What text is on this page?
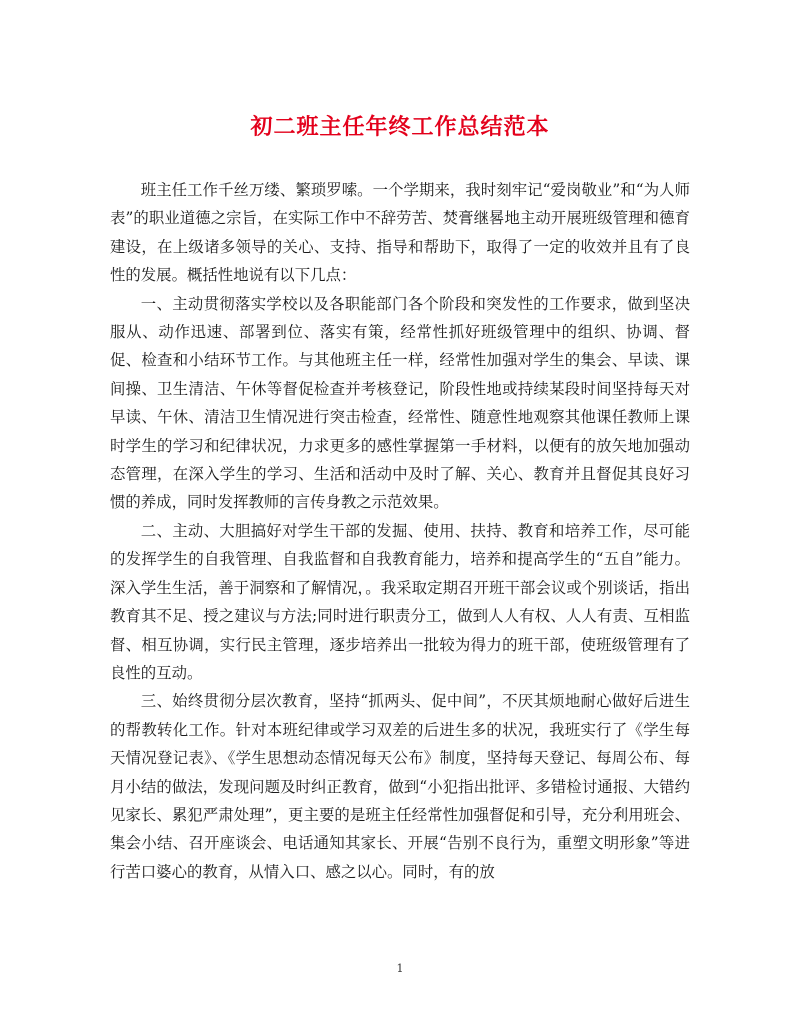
初二班主任年终工作总结范本

班主任工作千丝万缕、繁琐罗嗦。一个学期来，我时刻牢记“爱岗敬业”和“为人师表”的职业道德之宗旨，在实际工作中不辞劳苦、焚膏继晷地主动开展班级管理和德育建设，在上级诸多领导的关心、支持、指导和帮助下，取得了一定的收效并且有了良性的发展。概括性地说有以下几点：

一、主动贯彻落实学校以及各职能部门各个阶段和突发性的工作要求，做到坚决服从、动作迅速、部署到位、落实有策，经常性抓好班级管理中的组织、协调、督促、检查和小结环节工作。与其他班主任一样，经常性加强对学生的集会、早读、课间操、卫生清洁、午休等督促检查并考核登记，阶段性地或持续某段时间坚持每天对早读、午休、清洁卫生情况进行突击检查，经常性、随意性地观察其他课任教师上课时学生的学习和纪律状况，力求更多的感性掌握第一手材料，以便有的放矢地加强动态管理，在深入学生的学习、生活和活动中及时了解、关心、教育并且督促其良好习惯的养成，同时发挥教师的言传身教之示范效果。

二、主动、大胆搞好对学生干部的发掘、使用、扶持、教育和培养工作，尽可能的发挥学生的自我管理、自我监督和自我教育能力，培养和提高学生的“五自”能力。深入学生生活，善于洞察和了解情况，。我采取定期召开班干部会议或个别谈话，指出教育其不足、授之建议与方法;同时进行职责分工，做到人人有权、人人有责、互相监督、相互协调，实行民主管理，逐步培养出一批较为得力的班干部，使班级管理有了良性的互动。

三、始终贯彻分层次教育，坚持“抓两头、促中间”，不厌其烦地耐心做好后进生的帮教转化工作。针对本班纪律或学习双差的后进生多的状况，我班实行了《学生每天情况登记表》、《学生思想动态情况每天公布》制度，坚持每天登记、每周公布、每月小结的做法，发现问题及时纠正教育，做到“小犯指出批评、多错检讨通报、大错约见家长、累犯严肃处理”，更主要的是班主任经常性加强督促和引导，充分利用班会、集会小结、召开座谈会、电话通知其家长、开展“告别不良行为，重塑文明形象”等进行苦口婆心的教育，从情入口、感之以心。同时，有的放

1
